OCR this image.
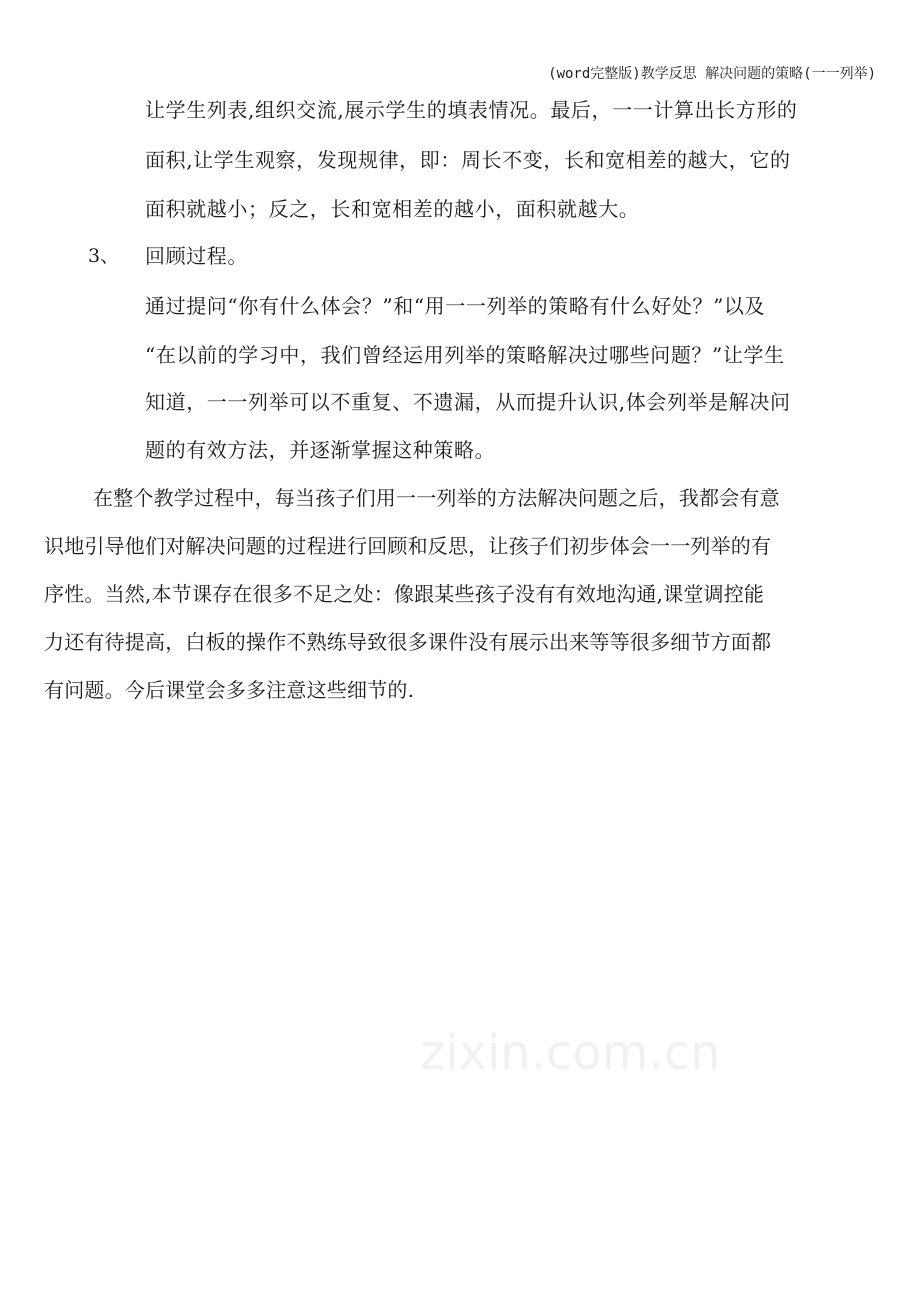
(word完整版)教学反思 解决问题的策略(一一列举)
让学生列表,组织交流,展示学生的填表情况。最后，一一计算出长方形的
面积,让学生观察，发现规律，即：周长不变，长和宽相差的越大，它的
面积就越小；反之，长和宽相差的越小，面积就越大。
3、 回顾过程。
通过提问“你有什么体会？”和“用一一列举的策略有什么好处？”以及
“在以前的学习中，我们曾经运用列举的策略解决过哪些问题？”让学生
知道，一一列举可以不重复、不遗漏，从而提升认识,体会列举是解决问
题的有效方法，并逐渐掌握这种策略。
在整个教学过程中，每当孩子们用一一列举的方法解决问题之后，我都会有意
识地引导他们对解决问题的过程进行回顾和反思，让孩子们初步体会一一列举的有
序性。当然,本节课存在很多不足之处：像跟某些孩子没有有效地沟通,课堂调控能
力还有待提高，白板的操作不熟练导致很多课件没有展示出来等等很多细节方面都
有问题。今后课堂会多多注意这些细节的.
zixin.com.cn
